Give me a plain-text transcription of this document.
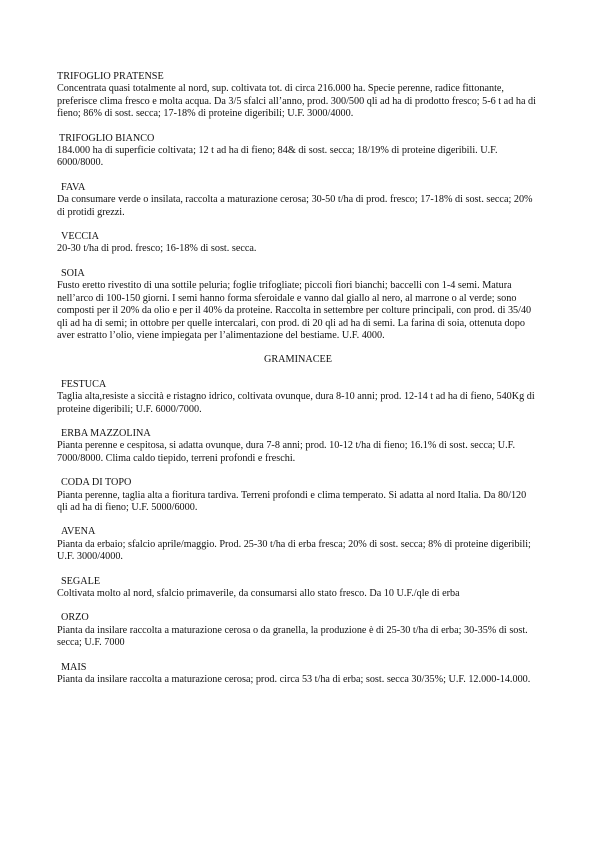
TRIFOGLIO PRATENSE
Concentrata quasi totalmente al nord, sup. coltivata tot. di circa 216.000 ha. Specie perenne, radice fittonante, preferisce clima fresco e molta acqua. Da 3/5 sfalci all’anno, prod. 300/500 qli ad ha di prodotto fresco; 5-6 t ad ha di fieno; 86% di sost. secca; 17-18% di proteine digeribili; U.F. 3000/4000.
TRIFOGLIO BIANCO
184.000 ha di superficie coltivata; 12 t ad ha di fieno; 84& di sost. secca; 18/19% di proteine digeribili. U.F. 6000/8000.
FAVA
Da consumare verde o insilata, raccolta a maturazione cerosa; 30-50 t/ha di prod. fresco; 17-18% di sost. secca; 20% di protidi grezzi.
VECCIA
20-30 t/ha di prod. fresco; 16-18% di sost. secca.
SOIA
Fusto eretto rivestito di una sottile peluria; foglie trifogliate; piccoli fiori bianchi; baccelli con 1-4 semi. Matura nell’arco di 100-150 giorni. I semi hanno forma sferoidale e vanno dal giallo al nero, al marrone o al verde; sono composti per il 20% da olio e per il 40% da proteine. Raccolta in settembre per colture principali, con prod. di 35/40 qli ad ha di semi; in ottobre per quelle intercalari, con prod. di 20 qli ad ha di semi. La farina di soia, ottenuta dopo aver estratto l’olio, viene impiegata per l’alimentazione del bestiame. U.F. 4000.
GRAMINACEE
FESTUCA
Taglia alta,resiste a siccità e ristagno idrico, coltivata ovunque, dura 8-10 anni; prod. 12-14 t ad ha di fieno, 540Kg di proteine digeribili; U.F. 6000/7000.
ERBA MAZZOLINA
Pianta perenne e cespitosa, si adatta ovunque, dura 7-8 anni; prod. 10-12 t/ha di fieno; 16.1% di sost. secca; U.F. 7000/8000. Clima caldo tiepido, terreni profondi e freschi.
CODA DI TOPO
Pianta perenne, taglia alta a fioritura tardiva. Terreni profondi e clima temperato. Si adatta al nord Italia. Da 80/120 qli ad ha di fieno; U.F. 5000/6000.
AVENA
Pianta da erbaio; sfalcio aprile/maggio. Prod. 25-30 t/ha di erba fresca; 20% di sost. secca; 8% di proteine digeribili; U.F. 3000/4000.
SEGALE
Coltivata molto al nord, sfalcio primaverile, da consumarsi allo stato fresco. Da 10 U.F./qle di erba
ORZO
Pianta da insilare raccolta a maturazione cerosa o da granella, la produzione è di 25-30 t/ha di erba; 30-35% di sost. secca; U.F. 7000
MAIS
Pianta da insilare raccolta a maturazione cerosa; prod. circa 53 t/ha di erba; sost. secca 30/35%; U.F. 12.000-14.000.
